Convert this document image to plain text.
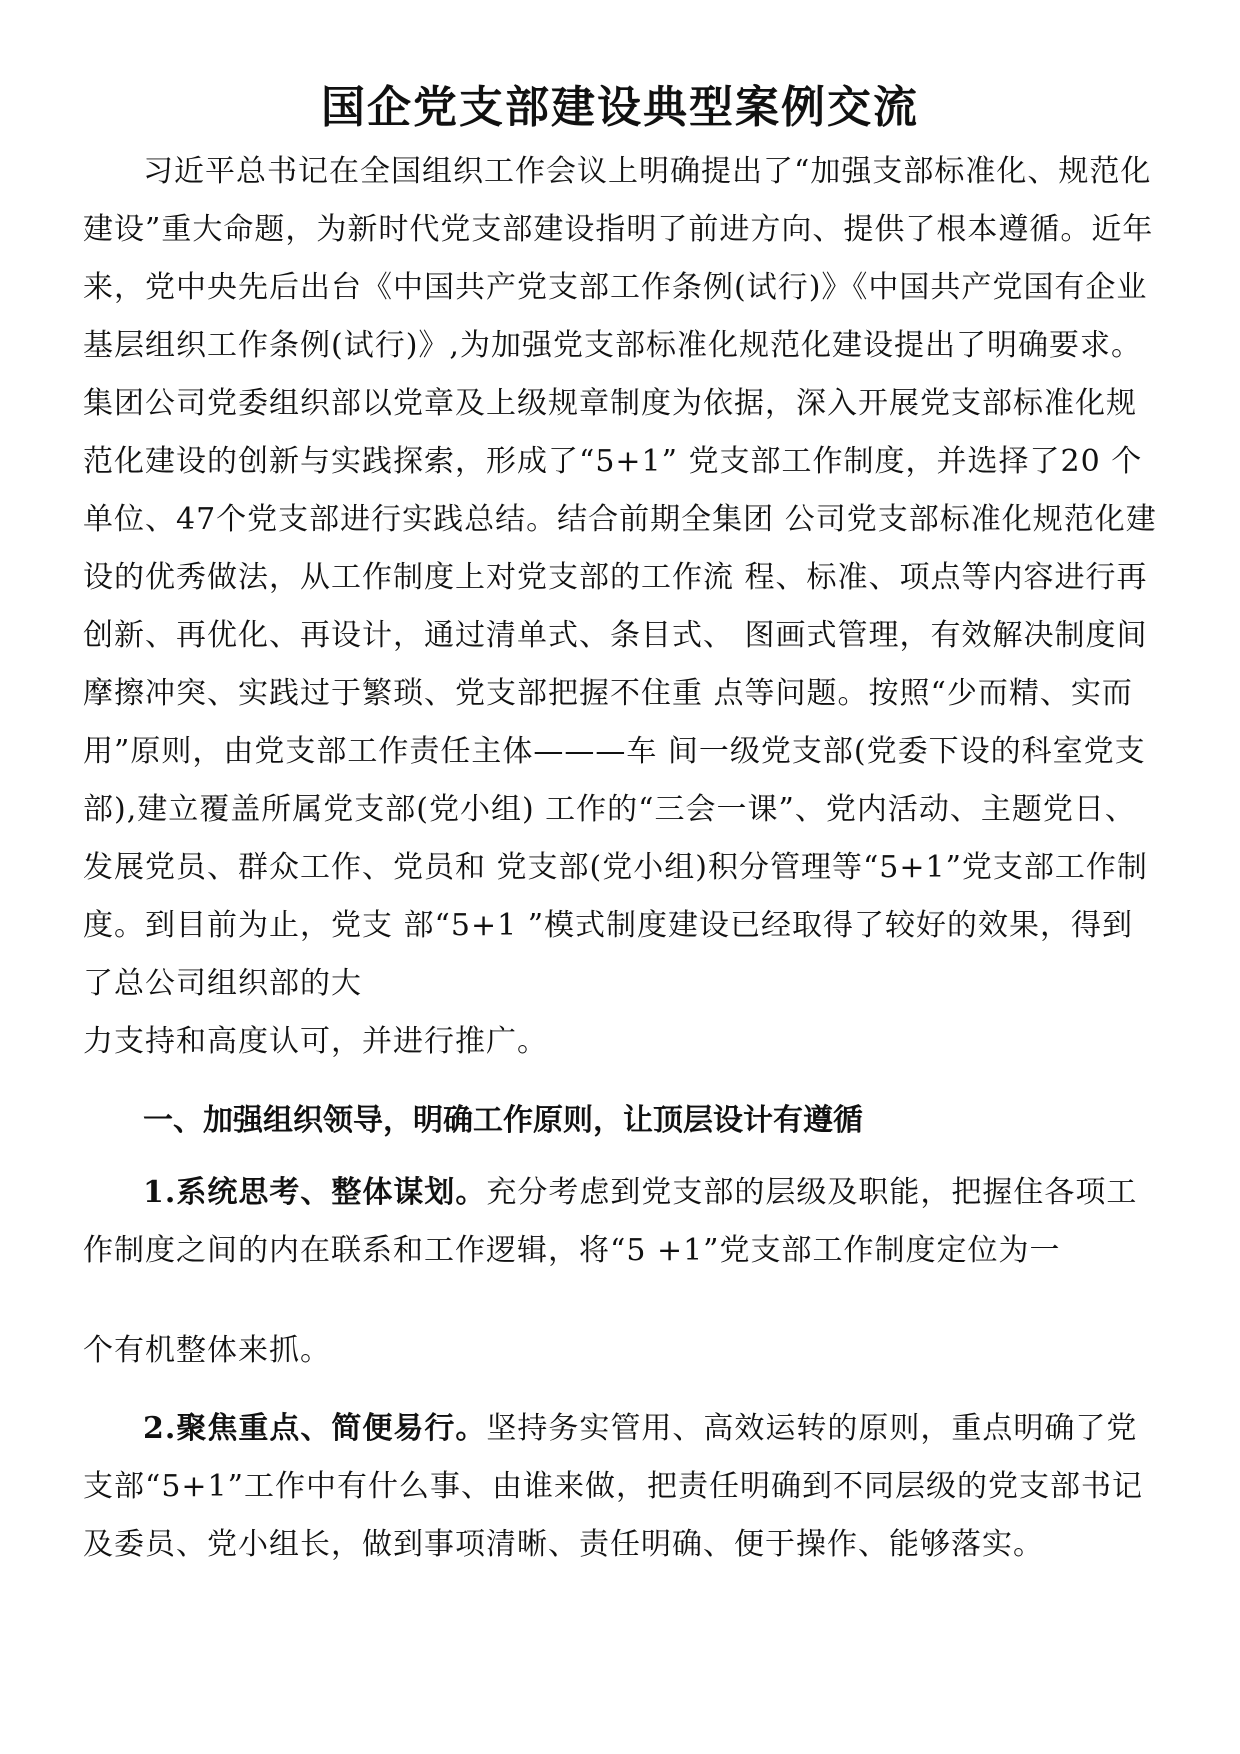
国企党支部建设典型案例交流

习近平总书记在全国组织工作会议上明确提出了“加强支部标准化、规范化建设”重大命题，为新时代党支部建设指明了前进方向、提供了根本遵循。近年来，党中央先后出台《中国共产党支部工作条例(试行)》《中国共产党国有企业基层组织工作条例(试行)》,为加强党支部标准化规范化建设提出了明确要求。集团公司党委组织部以党章及上级规章制度为依据，深入开展党支部标准化规范化建设的创新与实践探索，形成了“5+1” 党支部工作制度，并选择了20 个单位、47个党支部进行实践总结。结合前期全集团 公司党支部标准化规范化建设的优秀做法，从工作制度上对党支部的工作流 程、标准、项点等内容进行再创新、再优化、再设计，通过清单式、条目式、 图画式管理，有效解决制度间摩擦冲突、实践过于繁琐、党支部把握不住重 点等问题。按照“少而精、实而用”原则，由党支部工作责任主体———车 间一级党支部(党委下设的科室党支部),建立覆盖所属党支部(党小组) 工作的“三会一课”、党内活动、主题党日、发展党员、群众工作、党员和 党支部(党小组)积分管理等“5+1”党支部工作制度。到目前为止，党支 部“5+1 ”模式制度建设已经取得了较好的效果，得到了总公司组织部的大
力支持和高度认可，并进行推广。

一、加强组织领导，明确工作原则，让顶层设计有遵循

1.系统思考、整体谋划。充分考虑到党支部的层级及职能，把握住各项工作制度之间的内在联系和工作逻辑，将“5 +1”党支部工作制度定位为一

个有机整体来抓。

2.聚焦重点、简便易行。坚持务实管用、高效运转的原则，重点明确了党支部“5+1”工作中有什么事、由谁来做，把责任明确到不同层级的党支部书记及委员、党小组长，做到事项清晰、责任明确、便于操作、能够落实。
